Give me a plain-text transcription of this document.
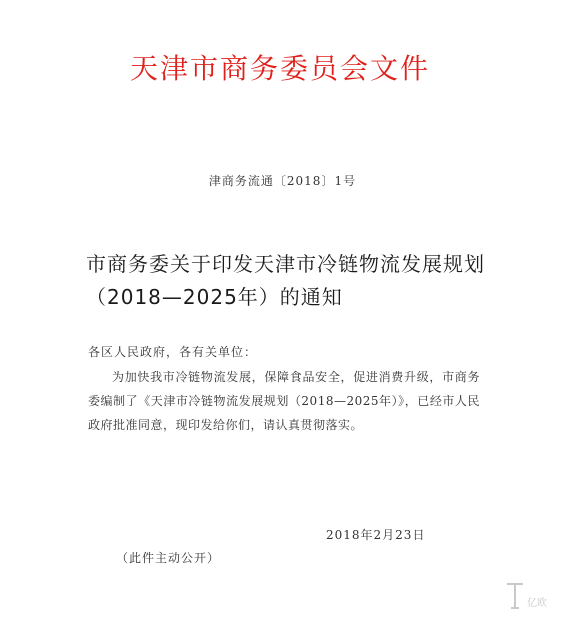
天津市商务委员会文件
津商务流通〔2018〕1号
市商务委关于印发天津市冷链物流发展规划（2018—2025年）的通知
各区人民政府，各有关单位：
为加快我市冷链物流发展，保障食品安全，促进消费升级，市商务委编制了《天津市冷链物流发展规划（2018—2025年）》，已经市人民政府批准同意，现印发给你们，请认真贯彻落实。
2018年2月23日
（此件主动公开）
亿欧
